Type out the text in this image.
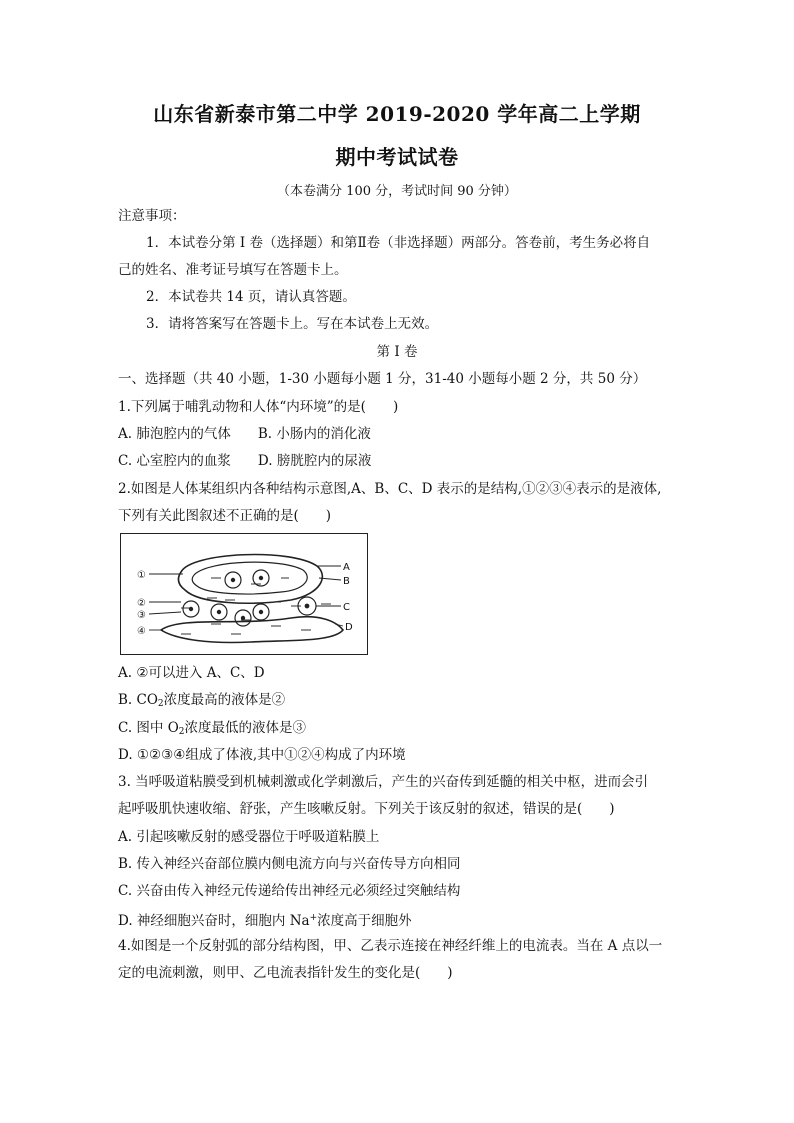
山东省新泰市第二中学 2019-2020 学年高二上学期
期中考试试卷
（本卷满分 100 分，考试时间 90 分钟）
注意事项：
1．本试卷分第 I 卷（选择题）和第Ⅱ卷（非选择题）两部分。答卷前，考生务必将自
己的姓名、准考证号填写在答题卡上。
2．本试卷共 14 页，请认真答题。
3．请将答案写在答题卡上。写在本试卷上无效。
第 I 卷
一、选择题（共 40 小题，1-30 小题每小题 1 分，31-40 小题每小题 2 分，共 50 分）
1.下列属于哺乳动物和人体“内环境”的是(　　)
A. 肺泡腔内的气体　　B. 小肠内的消化液
C. 心室腔内的血浆　　D. 膀胱腔内的尿液
2.如图是人体某组织内各种结构示意图,A、B、C、D 表示的是结构,①②③④表示的是液体,
下列有关此图叙述不正确的是(　　)
①
②
③
④
A
B
C
D
A. ②可以进入 A、C、D
B. $CO_2$浓度最高的液体是②
C. 图中 $O_2$浓度最低的液体是③
D. ①②③④组成了体液,其中①②④构成了内环境
3. 当呼吸道粘膜受到机械刺激或化学刺激后，产生的兴奋传到延髓的相关中枢，进而会引
起呼吸肌快速收缩、舒张，产生咳嗽反射。下列关于该反射的叙述，错误的是(　　)
A. 引起咳嗽反射的感受器位于呼吸道粘膜上
B. 传入神经兴奋部位膜内侧电流方向与兴奋传导方向相同
C. 兴奋由传入神经元传递给传出神经元必须经过突触结构
D. 神经细胞兴奋时，细胞内 Na+浓度高于细胞外
4.如图是一个反射弧的部分结构图，甲、乙表示连接在神经纤维上的电流表。当在 A 点以一
定的电流刺激，则甲、乙电流表指针发生的变化是(　　)
